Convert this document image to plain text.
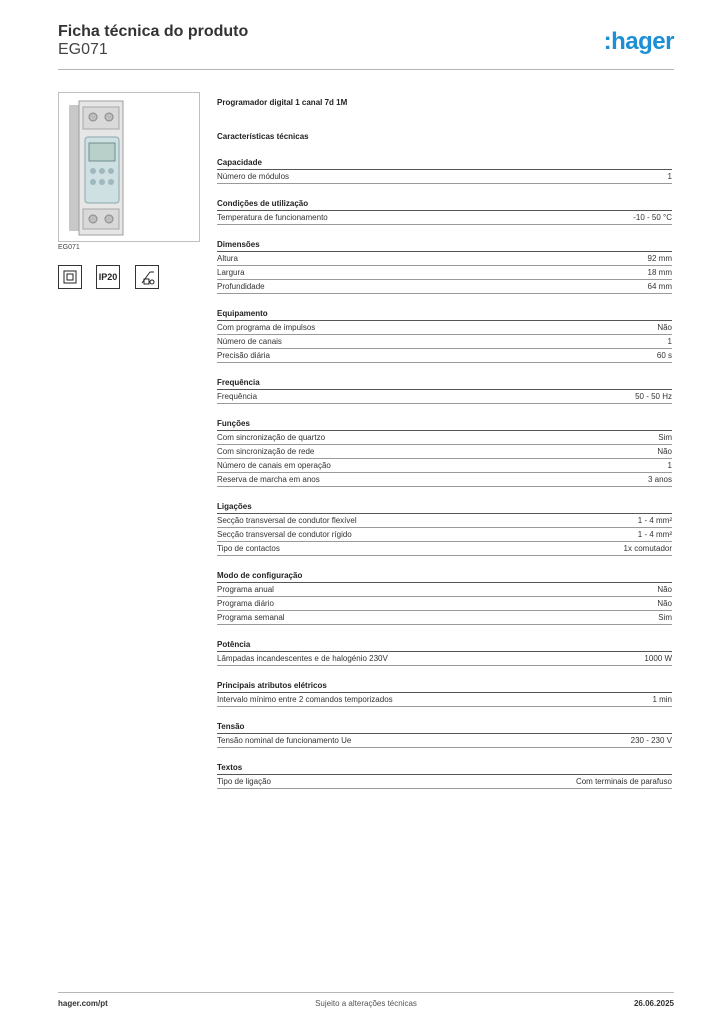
Ficha técnica do produto
EG071	:hager
EG071
IP20
Programador digital 1 canal 7d 1M
Características técnicas
Capacidade
Número de módulos	1
Condições de utilização
Temperatura de funcionamento	-10 - 50 °C
Dimensões
Altura	92 mm
Largura	18 mm
Profundidade	64 mm
Equipamento
Com programa de impulsos	Não
Número de canais	1
Precisão diária	60 s
Frequência
Frequência	50 - 50 Hz
Funções
Com sincronização de quartzo	Sim
Com sincronização de rede	Não
Número de canais em operação	1
Reserva de marcha em anos	3 anos
Ligações
Secção transversal de condutor flexível	1 - 4 mm²
Secção transversal de condutor rígido	1 - 4 mm²
Tipo de contactos	1x comutador
Modo de configuração
Programa anual	Não
Programa diário	Não
Programa semanal	Sim
Potência
Lâmpadas incandescentes e de halogénio 230V	1000 W
Principais atributos elétricos
Intervalo mínimo entre 2 comandos temporizados	1 min
Tensão
Tensão nominal de funcionamento Ue	230 - 230 V
Textos
Tipo de ligação	Com terminais de parafuso
hager.com/pt	Sujeito a alterações técnicas	26.06.2025
